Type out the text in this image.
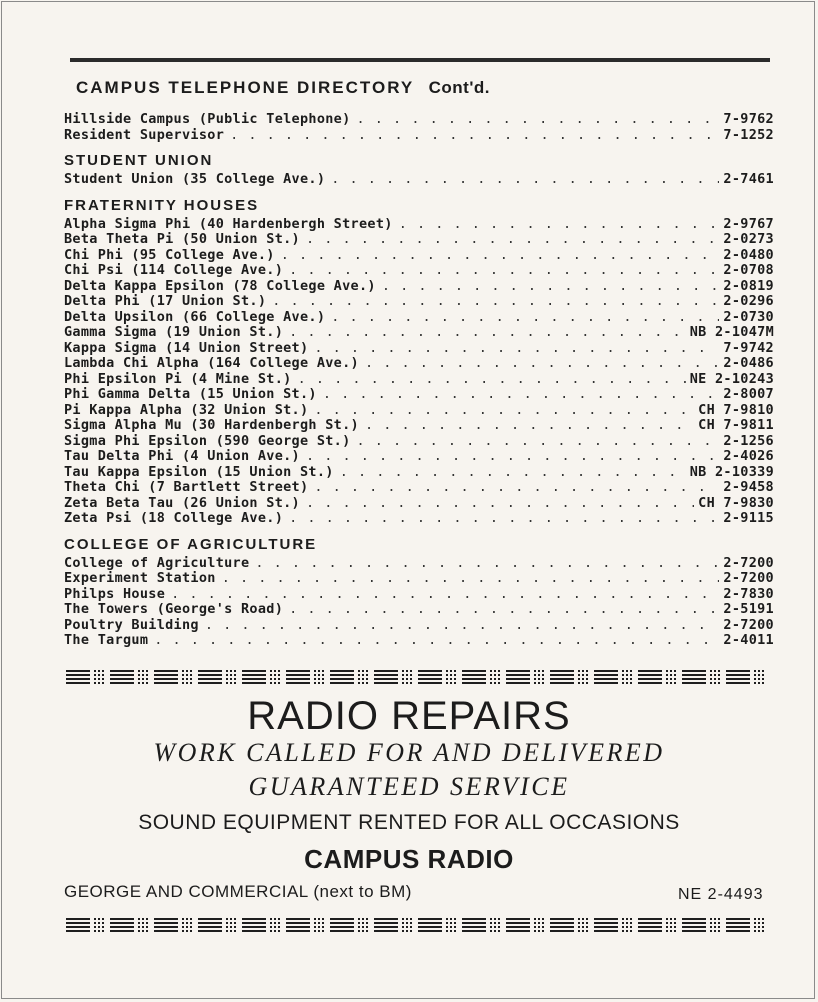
CAMPUS TELEPHONE DIRECTORY Cont'd.
Hillside Campus (Public Telephone) . . .	7-9762
Resident Supervisor . . .	7-1252
STUDENT UNION
Student Union (35 College Ave.) . . .	2-7461
FRATERNITY HOUSES
Alpha Sigma Phi (40 Hardenbergh Street) . . .	2-9767
Beta Theta Pi (50 Union St.) . . .	2-0273
Chi Phi (95 College Ave.) . . .	2-0480
Chi Psi (114 College Ave.) . . .	2-0708
Delta Kappa Epsilon (78 College Ave.) . . .	2-0819
Delta Phi (17 Union St.) . . .	2-0296
Delta Upsilon (66 College Ave.) . . .	2-0730
Gamma Sigma (19 Union St.) . . .	NB 2-1047M
Kappa Sigma (14 Union Street) . . .	7-9742
Lambda Chi Alpha (164 College Ave.) . . .	2-0486
Phi Epsilon Pi (4 Mine St.) . . .	NE 2-10243
Phi Gamma Delta (15 Union St.) . . .	2-8007
Pi Kappa Alpha (32 Union St.) . . .	CH 7-9810
Sigma Alpha Mu (30 Hardenbergh St.) . . .	CH 7-9811
Sigma Phi Epsilon (590 George St.) . . .	2-1256
Tau Delta Phi (4 Union Ave.) . . .	2-4026
Tau Kappa Epsilon (15 Union St.) . . .	NB 2-10339
Theta Chi (7 Bartlett Street) . . .	2-9458
Zeta Beta Tau (26 Union St.) . . .	CH 7-9830
Zeta Psi (18 College Ave.) . . .	2-9115
COLLEGE OF AGRICULTURE
College of Agriculture . . .	2-7200
Experiment Station . . .	2-7200
Philps House . . .	2-7830
The Towers (George's Road) . . .	2-5191
Poultry Building . . .	2-7200
The Targum . . .	2-4011
RADIO REPAIRS
WORK CALLED FOR AND DELIVERED
GUARANTEED SERVICE
SOUND EQUIPMENT RENTED FOR ALL OCCASIONS
CAMPUS RADIO
GEORGE AND COMMERCIAL (next to BM)	NE 2-4493
